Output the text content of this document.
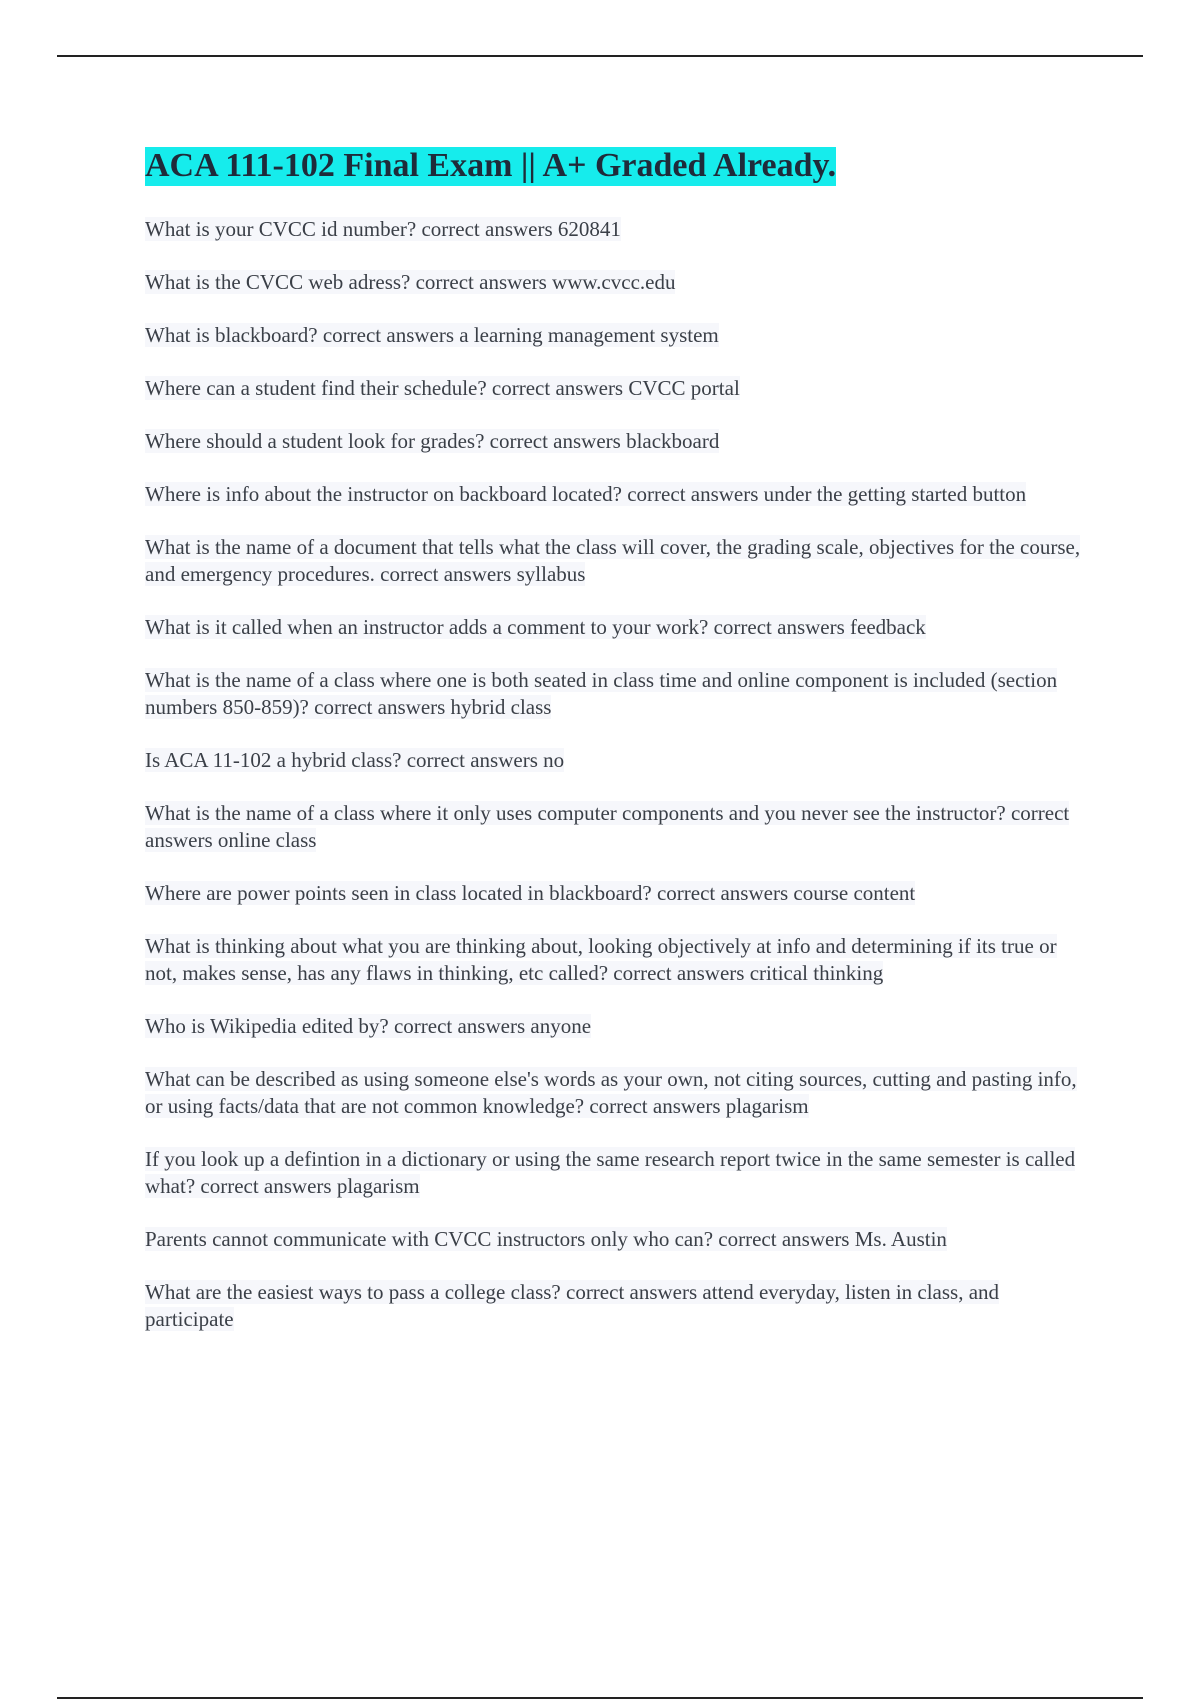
ACA 111-102 Final Exam || A+ Graded Already.

What is your CVCC id number? correct answers 620841

What is the CVCC web adress? correct answers www.cvcc.edu

What is blackboard? correct answers a learning management system

Where can a student find their schedule? correct answers CVCC portal

Where should a student look for grades? correct answers blackboard

Where is info about the instructor on backboard located? correct answers under the getting started button

What is the name of a document that tells what the class will cover, the grading scale, objectives for the course, and emergency procedures. correct answers syllabus

What is it called when an instructor adds a comment to your work? correct answers feedback

What is the name of a class where one is both seated in class time and online component is included (section numbers 850-859)? correct answers hybrid class

Is ACA 11-102 a hybrid class? correct answers no

What is the name of a class where it only uses computer components and you never see the instructor? correct answers online class

Where are power points seen in class located in blackboard? correct answers course content

What is thinking about what you are thinking about, looking objectively at info and determining if its true or not, makes sense, has any flaws in thinking, etc called? correct answers critical thinking

Who is Wikipedia edited by? correct answers anyone

What can be described as using someone else's words as your own, not citing sources, cutting and pasting info, or using facts/data that are not common knowledge? correct answers plagarism

If you look up a defintion in a dictionary or using the same research report twice in the same semester is called what? correct answers plagarism

Parents cannot communicate with CVCC instructors only who can? correct answers Ms. Austin

What are the easiest ways to pass a college class? correct answers attend everyday, listen in class, and participate
